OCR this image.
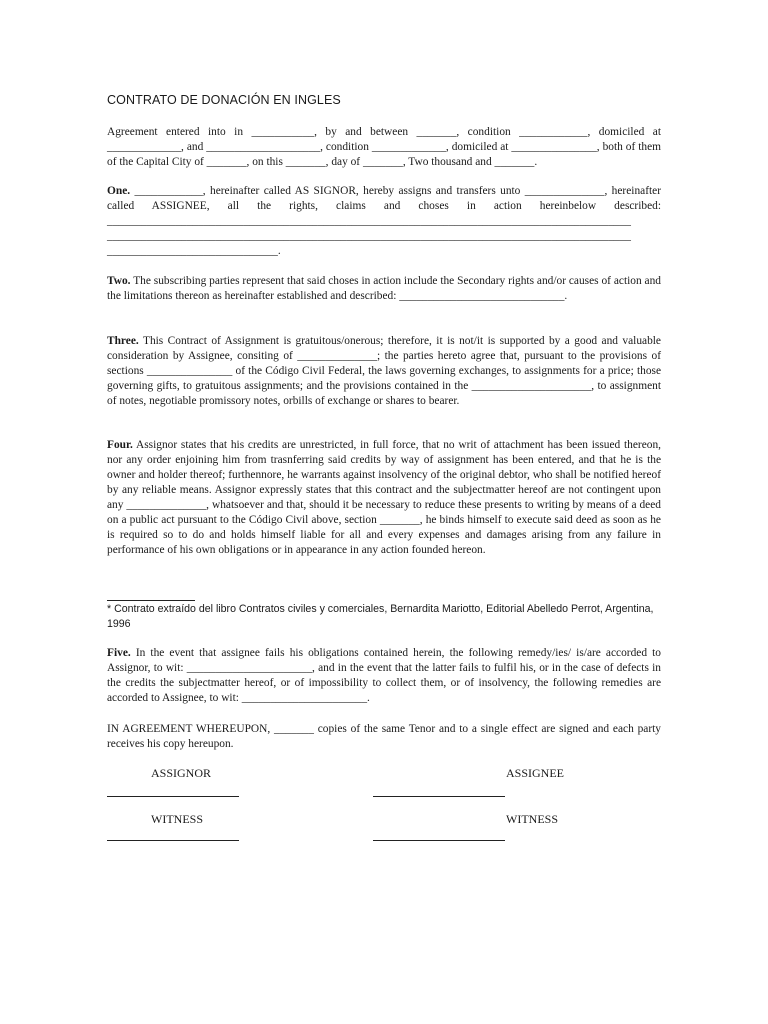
CONTRATO DE DONACIÓN EN INGLES

Agreement entered into in ___________, by and between _______, condition ____________, domiciled at _____________, and ____________________, condition _____________, domiciled at _______________, both of them of the Capital City of _______, on this _______, day of _______, Two thousand and _______.

One. ____________, hereinafter called AS SIGNOR, hereby assigns and transfers unto ______________, hereinafter called ASSIGNEE, all the rights, claims and choses in action hereinbelow described: ____________________________________________________________________________________________ ____________________________________________________________________________________________ ______________________________.

Two. The subscribing parties represent that said choses in action include the Secondary rights and/or causes of action and the limitations thereon as hereinafter established and described: _____________________________.

Three. This Contract of Assignment is gratuitous/onerous; therefore, it is not/it is supported by a good and valuable consideration by Assignee, consiting of ______________; the parties hereto agree that, pursuant to the provisions of sections _______________ of the Código Civil Federal, the laws governing exchanges, to assignments for a price; those governing gifts, to gratuitous assignments; and the provisions contained in the _____________________, to assignment of notes, negotiable promissory notes, orbills of exchange or shares to bearer.

Four. Assignor states that his credits are unrestricted, in full force, that no writ of attachment has been issued thereon, nor any order enjoining him from trasnferring said credits by way of assignment has been entered, and that he is the owner and holder thereof; furthennore, he warrants against insolvency of the original debtor, who shall be notified hereof by any reliable means. Assignor expressly states that this contract and the subjectmatter hereof are not contingent upon any ______________, whatsoever and that, should it be necessary to reduce these presents to writing by means of a deed on a public act pursuant to the Código Civil above, section _______, he binds himself to execute said deed as soon as he is required so to do and holds himself liable for all and every expenses and damages arising from any failure in performance of his own obligations or in appearance in any action founded hereon.

* Contrato extraído del libro Contratos civiles y comerciales, Bernardita Mariotto, Editorial Abelledo Perrot, Argentina, 1996

Five. In the event that assignee fails his obligations contained herein, the following remedy/ies/ is/are accorded to Assignor, to wit: ______________________, and in the event that the latter fails to fulfil his, or in the case of defects in the credits the subjectmatter hereof, or of impossibility to collect them, or of insolvency, the following remedies are accorded to Assignee, to wit: ______________________.

IN AGREEMENT WHEREUPON, _______ copies of the same Tenor and to a single effect are signed and each party receives his copy hereupon.

ASSIGNOR	ASSIGNEE
WITNESS	WITNESS
